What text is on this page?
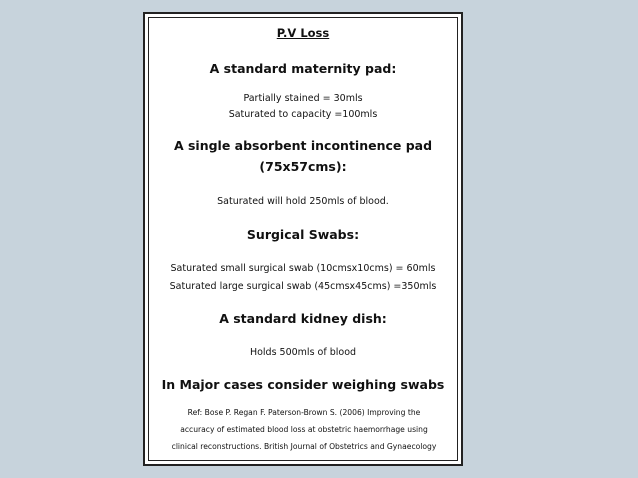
P.V Loss
A standard maternity pad:
Partially stained = 30mls
Saturated to capacity =100mls
A single absorbent incontinence pad
(75x57cms):
Saturated will hold 250mls of blood.
Surgical Swabs:
Saturated small surgical swab (10cmsx10cms) = 60mls
Saturated large surgical swab (45cmsx45cms) =350mls
A standard kidney dish:
Holds 500mls of blood
In Major cases consider weighing swabs
Ref: Bose P. Regan F. Paterson-Brown S. (2006) Improving the
accuracy of estimated blood loss at obstetric haemorrhage using
clinical reconstructions. British Journal of Obstetrics and Gynaecology
